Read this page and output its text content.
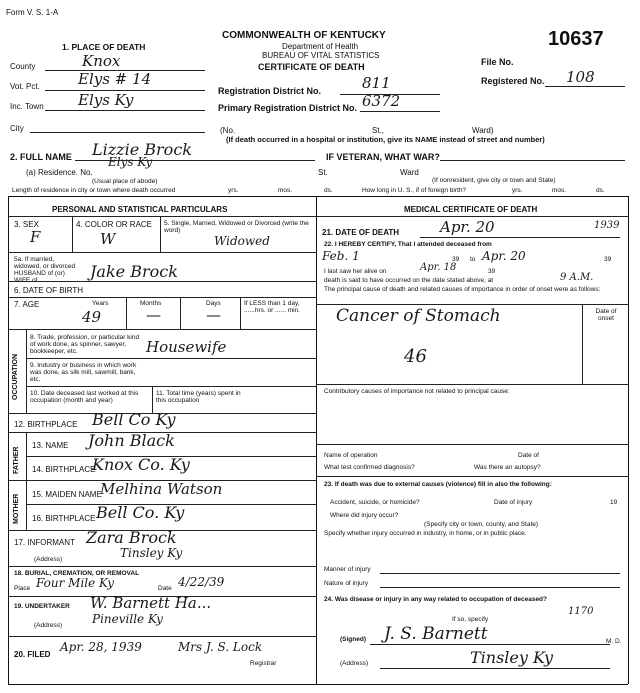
Form V. S. 1-A
COMMONWEALTH OF KENTUCKY
Department of Health
BUREAU OF VITAL STATISTICS
CERTIFICATE OF DEATH
10637
File No.
Registered No. 108
Registration District No.	811
Primary Registration District No. 6372
1. PLACE OF DEATH
County	Knox
Vot. Pct.	Elys # 14
Inc. Town Elys Ky
City	(No.	St.,	Ward)
(If death occurred in a hospital or institution, give its NAME instead of street and number)
2. FULL NAME Lizzie Brock	IF VETERAN, WHAT WAR?
(a) Residence. No.
Elys Ky
(Usual place of abode)
St.	Ward
(If nonresident, give city or town and State)
Length of residence in city or town where death occurred	yrs.	mos.	ds.	How long in U. S., if of foreign birth?	yrs.	mos.	ds.
PERSONAL AND STATISTICAL PARTICULARS
3. SEX
F
4. COLOR OR RACE
W
5. Single, Married, Widowed or Divorced (write the word)
Widowed
5a. If married, widowed, or divorced HUSBAND of (or)	Jake Brock
6. DATE OF BIRTH
7. AGE	Years	Months	Days
49	—	—
If LESS than 1 day, ......hrs. or ...... min.
OCCUPATION
8. Trade, profession, or particular kind of work done, as spinner, sawyer, bookkeeper, etc.	Housewife
9. Industry or business in which work was done, as silk mill, sawmill, bank, etc.
10. Date deceased last worked at this occupation (month and year)
11. Total time (years) spent in this occupation
12. BIRTHPLACE Bell Co Ky
FATHER
13. NAME John Black
14. BIRTHPLACE
Knox Co. Ky
MOTHER 15. MAIDEN NAME
Melhina Watson
16. BIRTHPLACE Bell Co. Ky
17. INFORMANT Zara Brock
(Address)	Tinsley Ky
18. BURIAL, CREMATION, OR REMOVAL
Place Four Mile Ky	Date 4/22/39
19. UNDERTAKER W. Barnett Ha...
(Address) Pineville Ky
20. FILED
Apr. 28, 1939	Mrs J. S. Lock
Registrar
MEDICAL CERTIFICATE OF DEATH
21. DATE OF DEATH	Apr. 20	1939
22. I HEREBY CERTIFY, That I attended deceased from
Feb. 1	39 to Apr. 20	39
I last saw her alive on	Apr. 18	39
death is said to have occurred on the date stated above, at	9 A.M.
The principal cause of death and related causes of importance in order of onset were as follows:
Date of onset
Cancer of Stomach
46
Contributory causes of importance not related to principal cause:
Name of operation	Date of
What test confirmed diagnosis?	Was there an autopsy?
23. If death was due to external causes (violence) fill in also the following:
Accident, suicide, or homicide?	Date of injury	19
Where did injury occur?
(Specify city or town, county, and State)
Specify whether injury occurred in industry, in home, or in public place.
Manner of injury
Nature of injury
24. Was disease or injury in any way related to occupation of deceased?
If so, specify
1170
(Signed) J. S. Barnett	M. D.
(Address)	Tinsley Ky
